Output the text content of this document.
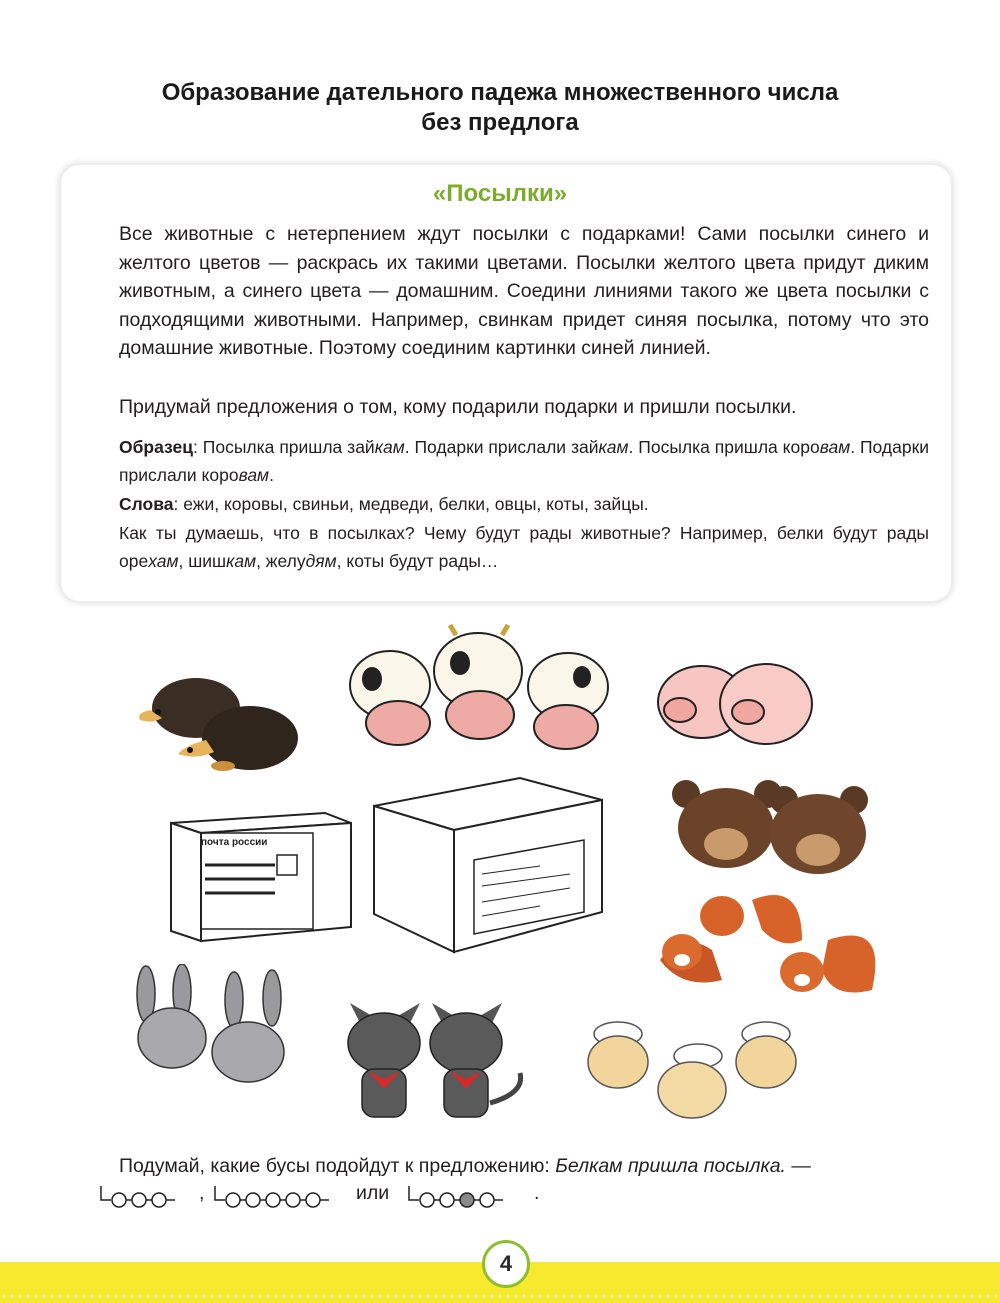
Образование дательного падежа множественного числа
без предлога
«Посылки»
Все животные с нетерпением ждут посылки с подарками! Сами посылки синего и желтого цветов — раскрась их такими цветами. Посылки желтого цвета придут диким животным, а синего цвета — домашним. Соедини линиями такого же цвета посылки с подходящими животными. Например, свинкам придет синяя посылка, потому что это домашние животные. Поэтому соединим картинки синей линией.
Придумай предложения о том, кому подарили подарки и пришли посылки.
Образец: Посылка пришла зайкам. Подарки прислали зайкам. Посылка пришла коровам. Подарки прислали коровам.
Слова: ежи, коровы, свиньи, медведи, белки, овцы, коты, зайцы.
Как ты думаешь, что в посылках? Чему будут рады животные? Например, белки будут рады орехам, шишкам, желудям, коты будут рады…
почта россии
Подумай, какие бусы подойдут к предложению: Белкам пришла посылка. —
,	или	.
4
